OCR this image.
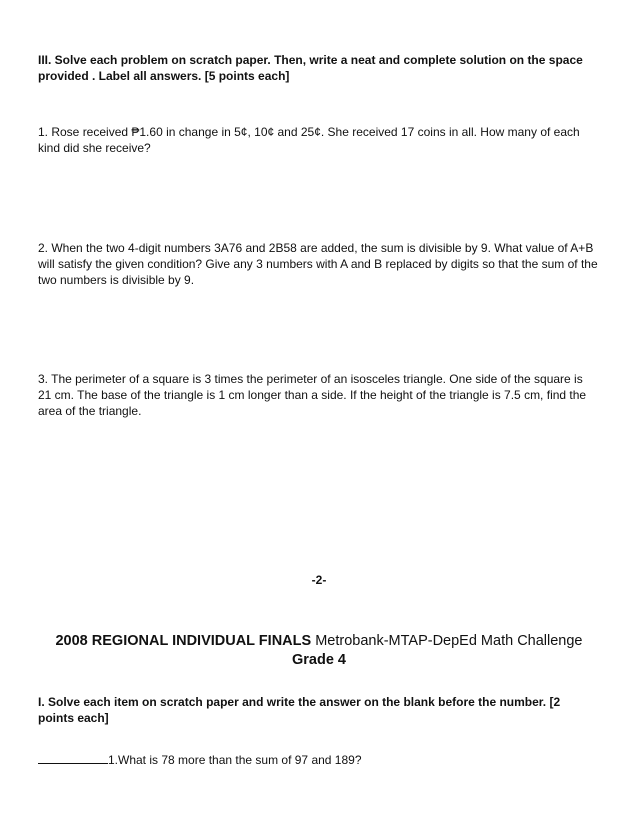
III. Solve each problem on scratch paper. Then, write a neat and complete solution on the space provided . Label all answers. [5 points each]
1. Rose received ₱1.60 in change in 5¢, 10¢ and 25¢. She received 17 coins in all. How many of each kind did she receive?
2. When the two 4-digit numbers 3A76 and 2B58 are added, the sum is divisible by 9. What value of A+B will satisfy the given condition? Give any 3 numbers with A and B replaced by digits so that the sum of the two numbers is divisible by 9.
3. The perimeter of a square is 3 times the perimeter of an isosceles triangle. One side of the square is 21 cm. The base of the triangle is 1 cm longer than a side. If the height of the triangle is 7.5 cm, find the area of the triangle.
-2-
2008 REGIONAL INDIVIDUAL FINALS Metrobank-MTAP-DepEd Math Challenge
Grade 4
I. Solve each item on scratch paper and write the answer on the blank before the number. [2 points each]
1.What is 78 more than the sum of 97 and 189?
